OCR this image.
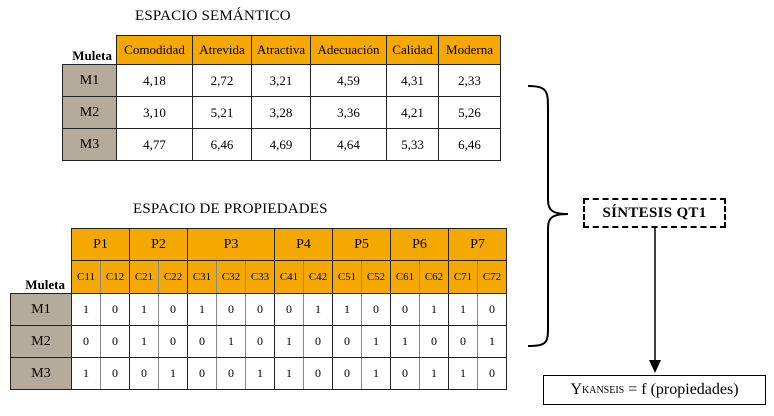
ESPACIO SEMÁNTICO
Muleta	Comodidad	Atrevida	Atractiva	Adecuación	Calidad	Moderna
M1	4,18	2,72	3,21	4,59	4,31	2,33
M2	3,10	5,21	3,28	3,36	4,21	5,26
M3	4,77	6,46	4,69	4,64	5,33	6,46
ESPACIO DE PROPIEDADES
Muleta	P1		P2		P3			P4		P5		P6		P7	
	C11	C12	C21	C22	C31	C32	C33	C41	C42	C51	C52	C61	C62	C71	C72
M1	1	0	1	0	1	0	0	0	1	1	0	0	1	1	0
M2	0	0	1	0	0	1	0	1	0	0	1	1	0	0	1
M3	1	0	0	1	0	0	1	1	0	0	1	0	1	1	0
SÍNTESIS QT1
Y KANSEIS = f (propiedades)
